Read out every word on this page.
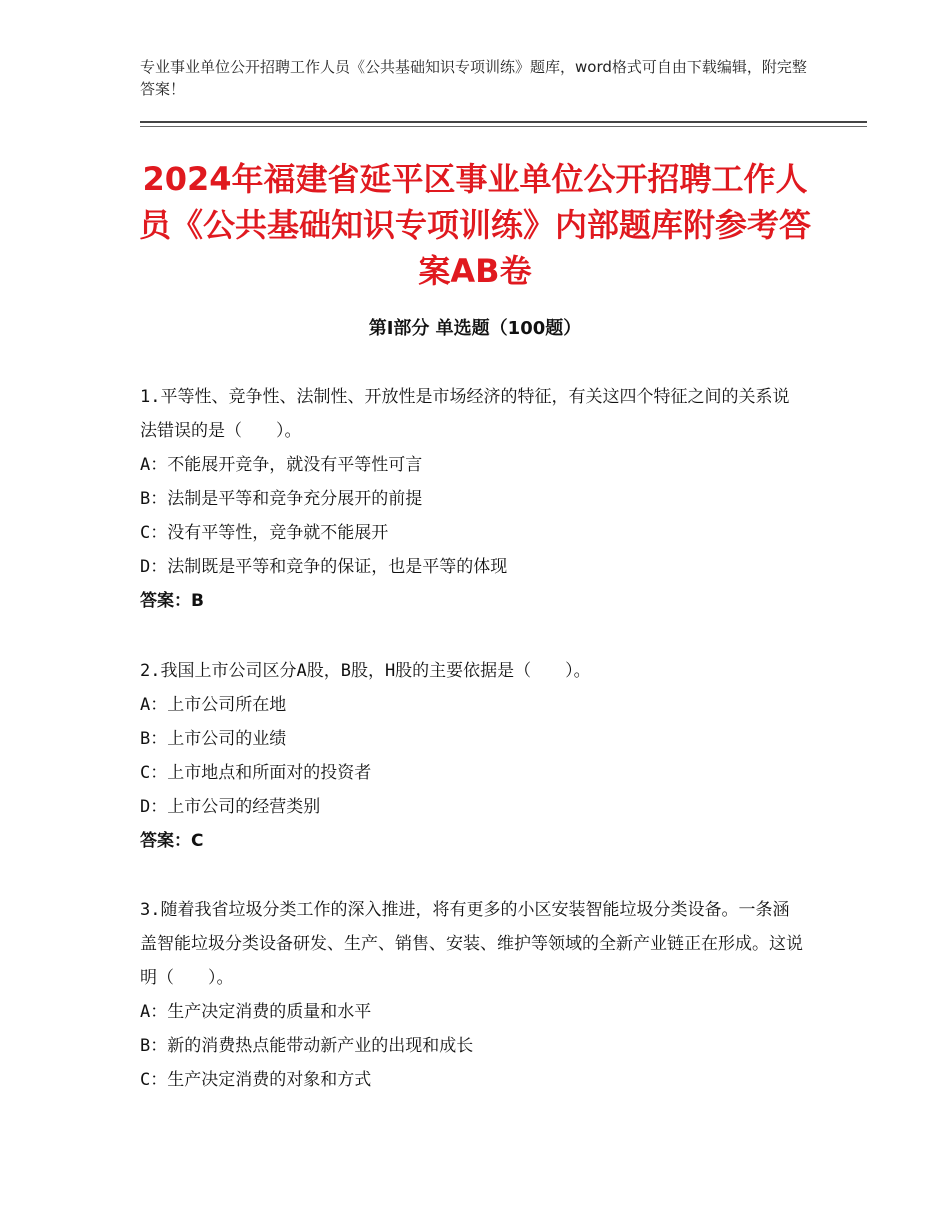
专业事业单位公开招聘工作人员《公共基础知识专项训练》题库，word格式可自由下载编辑，附完整答案！
2024年福建省延平区事业单位公开招聘工作人员《公共基础知识专项训练》内部题库附参考答案AB卷
第Ⅰ部分 单选题（100题）
1.平等性、竞争性、法制性、开放性是市场经济的特征，有关这四个特征之间的关系说法错误的是（　　）。
A：不能展开竞争，就没有平等性可言
B：法制是平等和竞争充分展开的前提
C：没有平等性，竞争就不能展开
D：法制既是平等和竞争的保证，也是平等的体现
答案：B
2.我国上市公司区分A股，B股，H股的主要依据是（　　）。
A：上市公司所在地
B：上市公司的业绩
C：上市地点和所面对的投资者
D：上市公司的经营类别
答案：C
3.随着我省垃圾分类工作的深入推进，将有更多的小区安装智能垃圾分类设备。一条涵盖智能垃圾分类设备研发、生产、销售、安装、维护等领域的全新产业链正在形成。这说明（　　）。
A：生产决定消费的质量和水平
B：新的消费热点能带动新产业的出现和成长
C：生产决定消费的对象和方式
